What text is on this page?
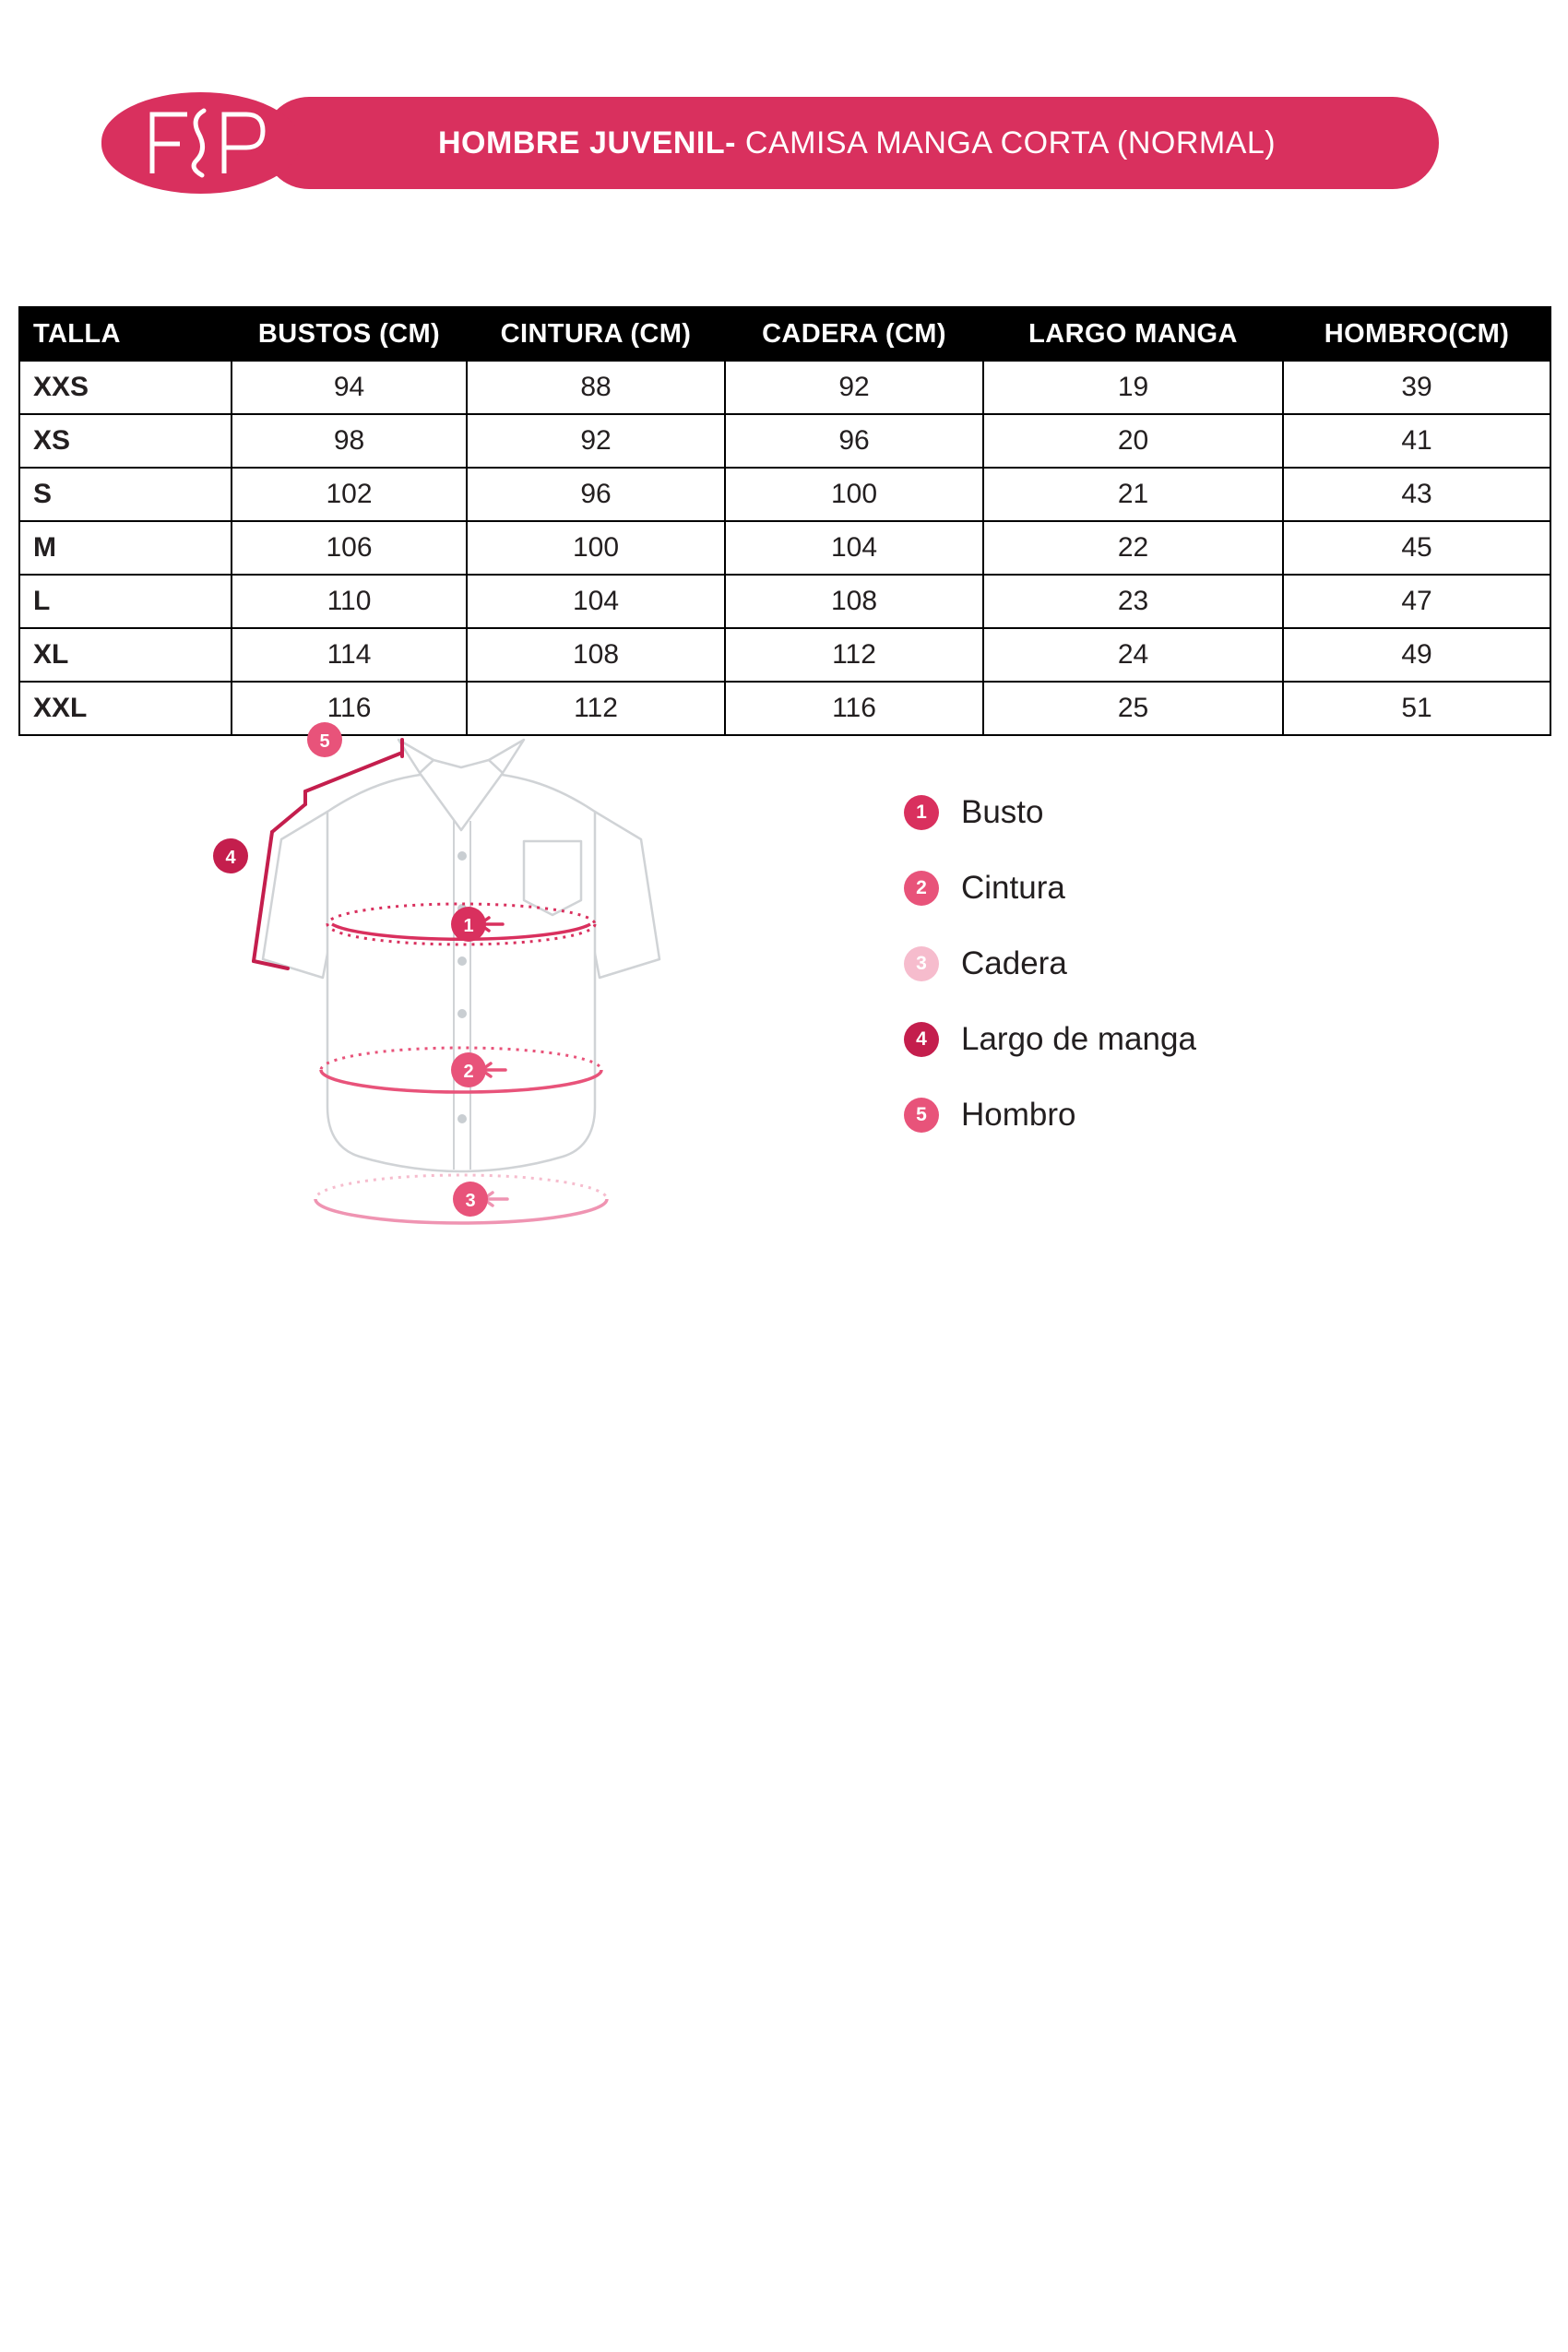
HOMBRE JUVENIL- CAMISA MANGA CORTA (NORMAL)
TALLA	BUSTOS (CM)	CINTURA (CM)	CADERA (CM)	LARGO MANGA	HOMBRO(CM)
XXS	94	88	92	19	39
XS	98	92	96	20	41
S	102	96	100	21	43
M	106	100	104	22	45
L	110	104	108	23	47
XL	114	108	112	24	49
XXL	116	112	116	25	51
1
2
3
4
5
1	Busto
2	Cintura
3	Cadera
4	Largo de manga
5	Hombro
